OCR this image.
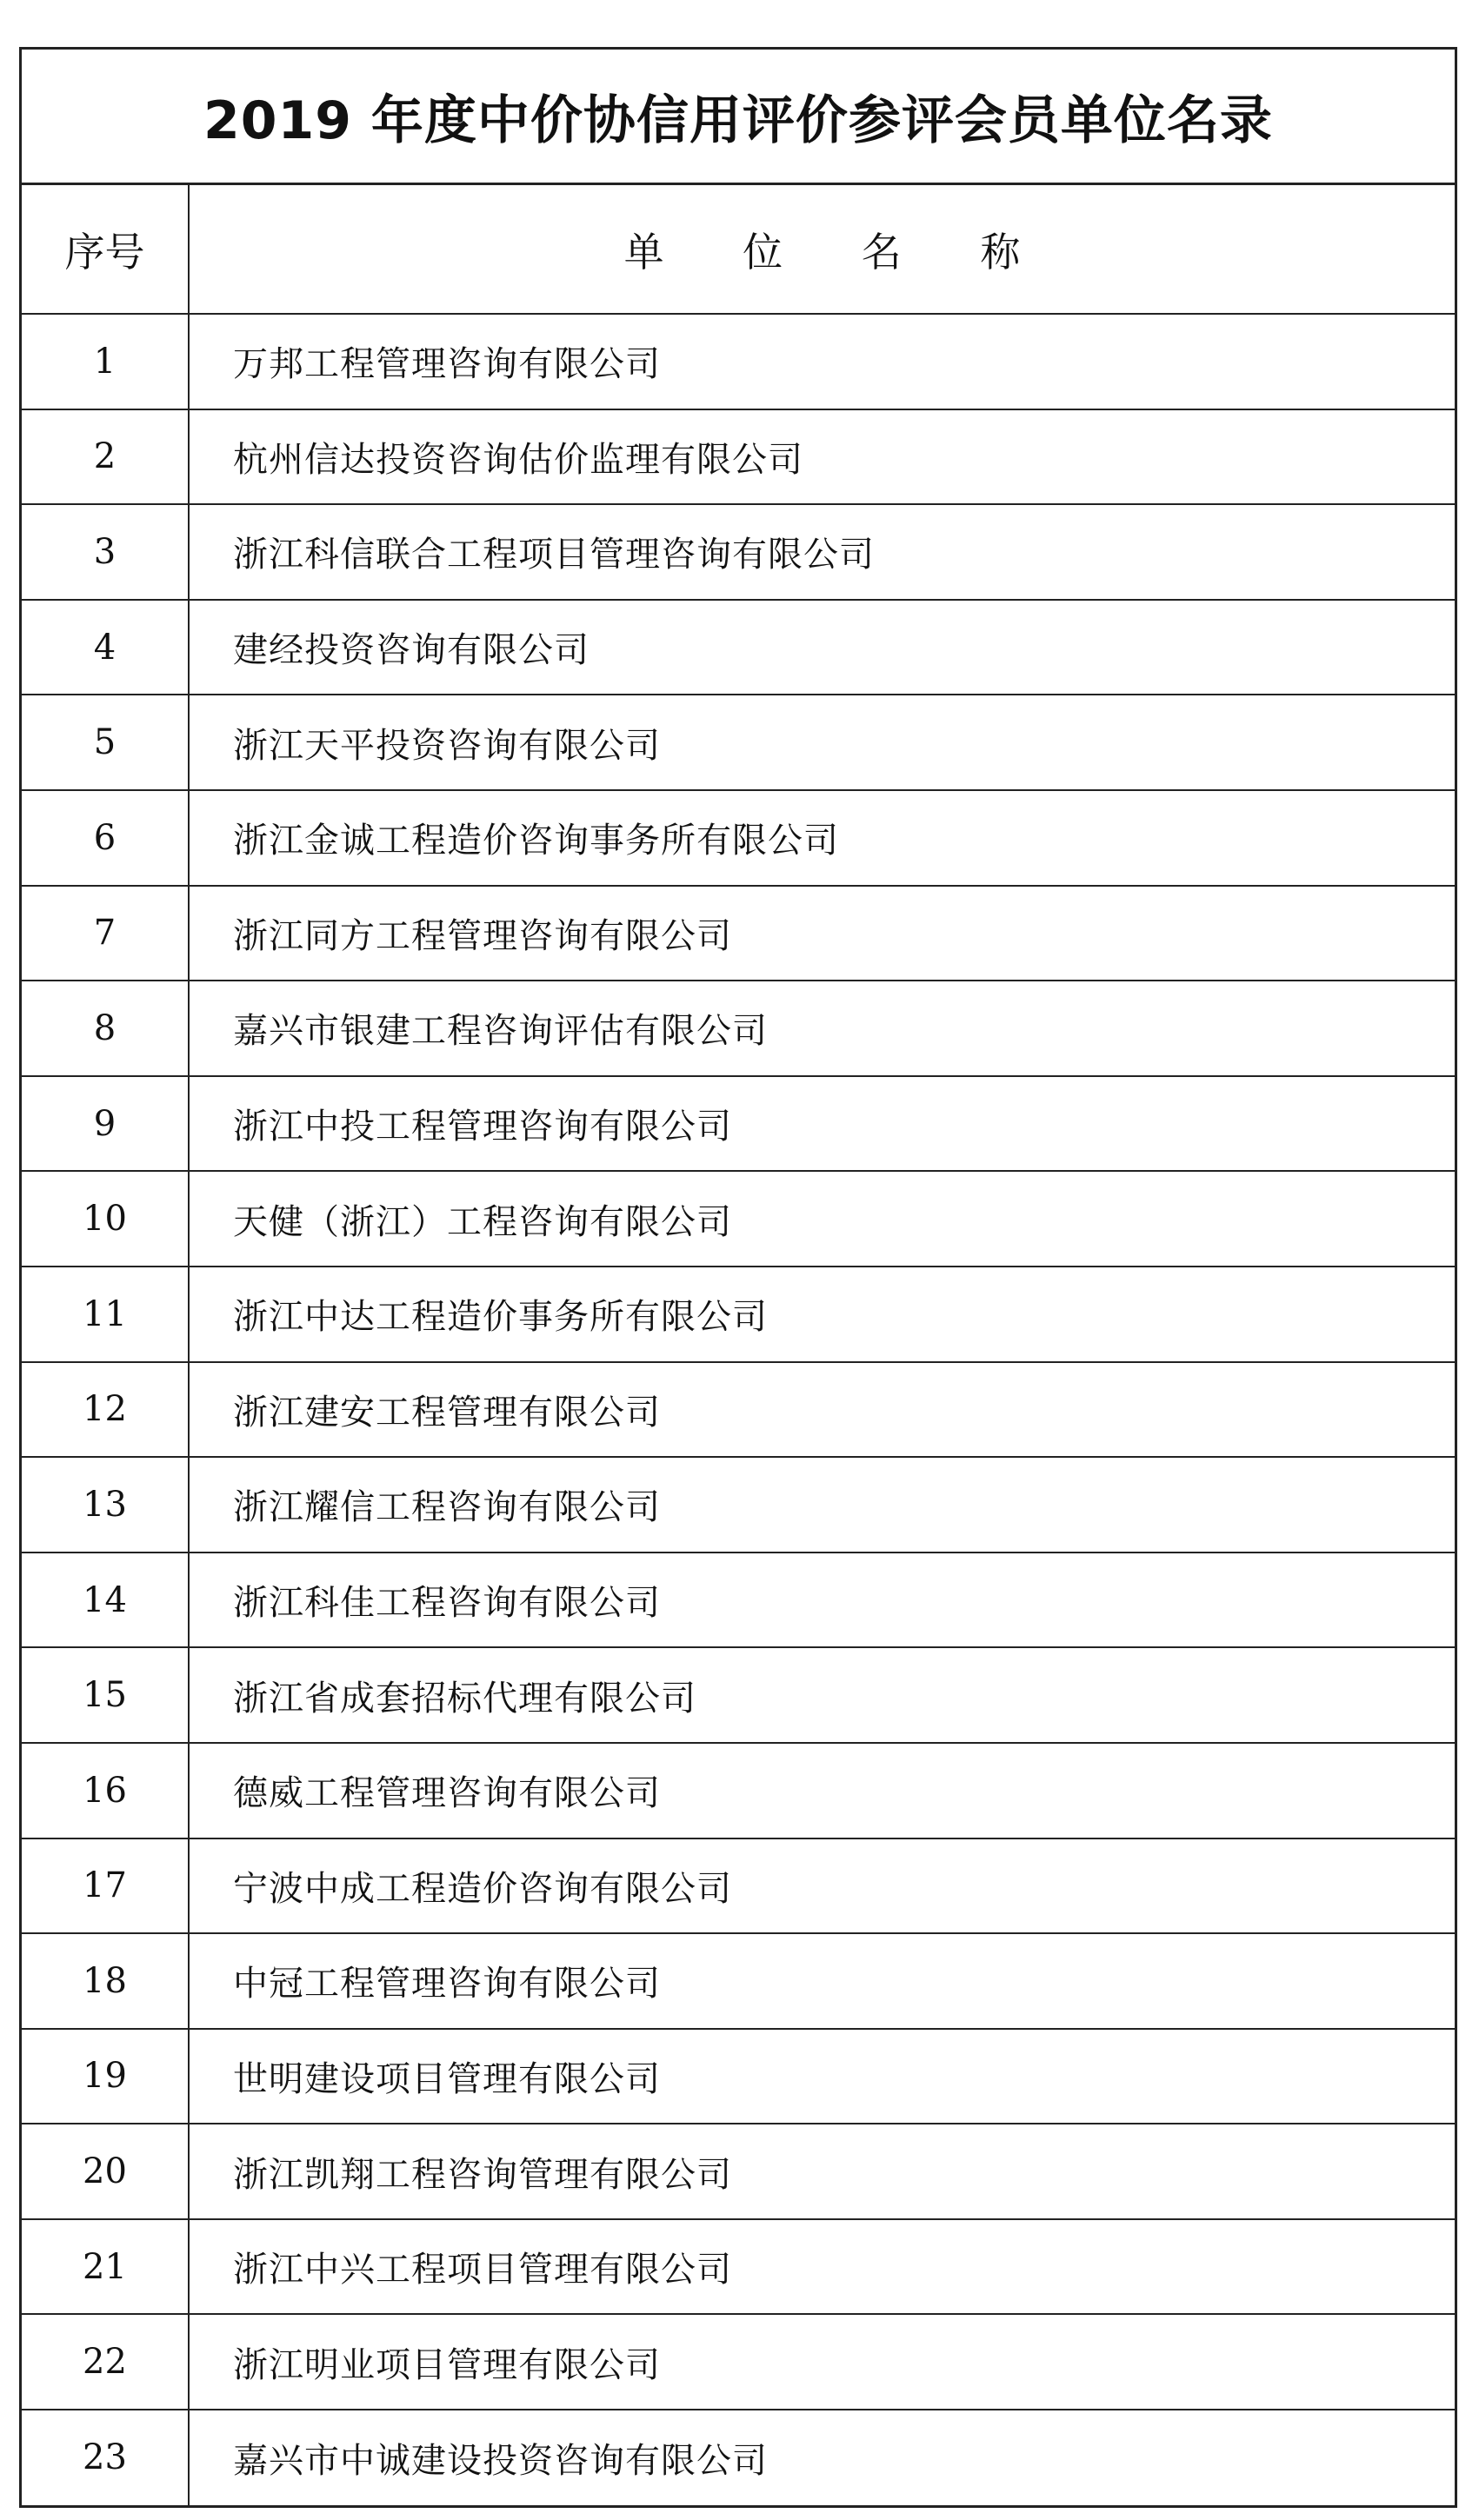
2019 年度中价协信用评价参评会员单位名录
序号	单 位 名 称
1	万邦工程管理咨询有限公司
2	杭州信达投资咨询估价监理有限公司
3	浙江科信联合工程项目管理咨询有限公司
4	建经投资咨询有限公司
5	浙江天平投资咨询有限公司
6	浙江金诚工程造价咨询事务所有限公司
7	浙江同方工程管理咨询有限公司
8	嘉兴市银建工程咨询评估有限公司
9	浙江中投工程管理咨询有限公司
10	天健（浙江）工程咨询有限公司
11	浙江中达工程造价事务所有限公司
12	浙江建安工程管理有限公司
13	浙江耀信工程咨询有限公司
14	浙江科佳工程咨询有限公司
15	浙江省成套招标代理有限公司
16	德威工程管理咨询有限公司
17	宁波中成工程造价咨询有限公司
18	中冠工程管理咨询有限公司
19	世明建设项目管理有限公司
20	浙江凯翔工程咨询管理有限公司
21	浙江中兴工程项目管理有限公司
22	浙江明业项目管理有限公司
23	嘉兴市中诚建设投资咨询有限公司
